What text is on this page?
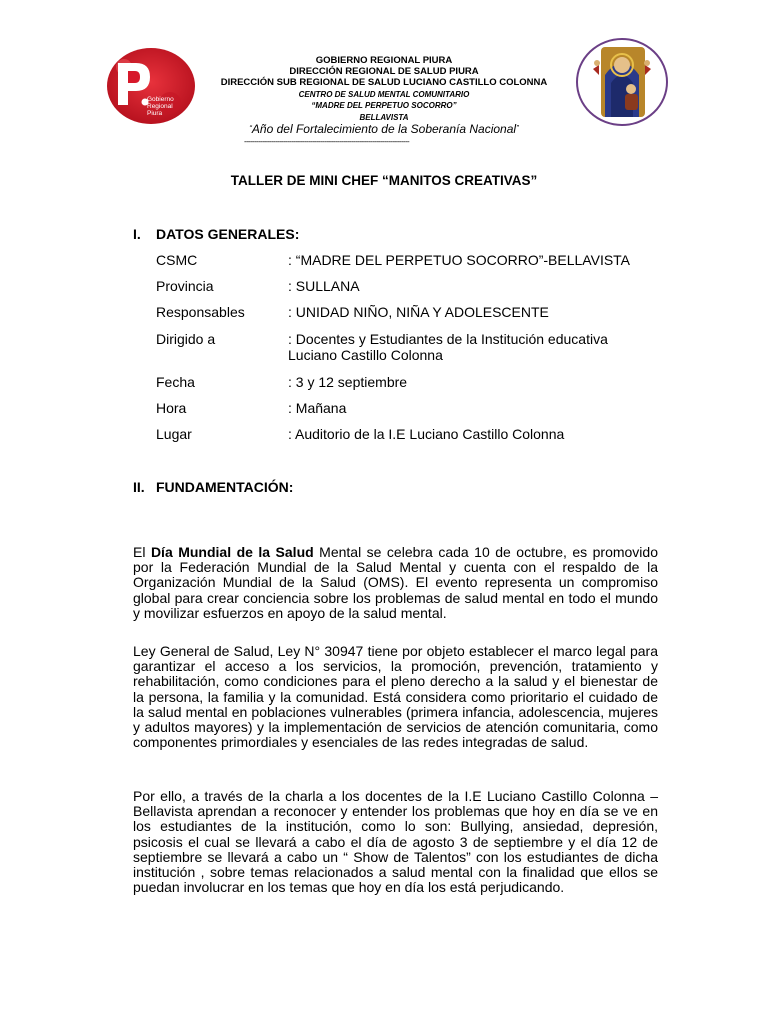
Gobierno
Regional
Piura
GOBIERNO REGIONAL PIURA
DIRECCIÓN REGIONAL DE SALUD PIURA
DIRECCIÓN SUB REGIONAL DE SALUD LUCIANO CASTILLO COLONNA
CENTRO DE SALUD MENTAL COMUNITARIO
“MADRE DEL PERPETUO SOCORRO”
BELLAVISTA
“Año del Fortalecimiento de la Soberanía Nacional”
--------------------------------------------------------------------------------
TALLER DE MINI CHEF “MANITOS CREATIVAS”
I. DATOS GENERALES:
CSMC	: “MADRE DEL PERPETUO SOCORRO”-BELLAVISTA
Provincia	: SULLANA
Responsables	: UNIDAD NIÑO, NIÑA Y ADOLESCENTE
Dirigido a	: Docentes y Estudiantes de la Institución educativa Luciano Castillo Colonna
Fecha	: 3 y 12 septiembre
Hora	: Mañana
Lugar	: Auditorio de la I.E Luciano Castillo Colonna
II. FUNDAMENTACIÓN:
El Día Mundial de la Salud Mental se celebra cada 10 de octubre, es promovido por la Federación Mundial de la Salud Mental y cuenta con el respaldo de la Organización Mundial de la Salud (OMS). El evento representa un compromiso global para crear conciencia sobre los problemas de salud mental en todo el mundo y movilizar esfuerzos en apoyo de la salud mental.
Ley General de Salud, Ley N° 30947 tiene por objeto establecer el marco legal para garantizar el acceso a los servicios, la promoción, prevención, tratamiento y rehabilitación, como condiciones para el pleno derecho a la salud y el bienestar de la persona, la familia y la comunidad. Está considera como prioritario el cuidado de la salud mental en poblaciones vulnerables (primera infancia, adolescencia, mujeres y adultos mayores) y la implementación de servicios de atención comunitaria, como componentes primordiales y esenciales de las redes integradas de salud.
Por ello, a través de la charla a los docentes de la I.E Luciano Castillo Colonna – Bellavista aprendan a reconocer y entender los problemas que hoy en día se ve en los estudiantes de la institución, como lo son: Bullying, ansiedad, depresión, psicosis el cual se llevará a cabo el día de agosto 3 de septiembre y el día 12 de septiembre se llevará a cabo un “ Show de Talentos” con los estudiantes de dicha institución , sobre temas relacionados a salud mental con la finalidad que ellos se puedan involucrar en los temas que hoy en día los está perjudicando.
